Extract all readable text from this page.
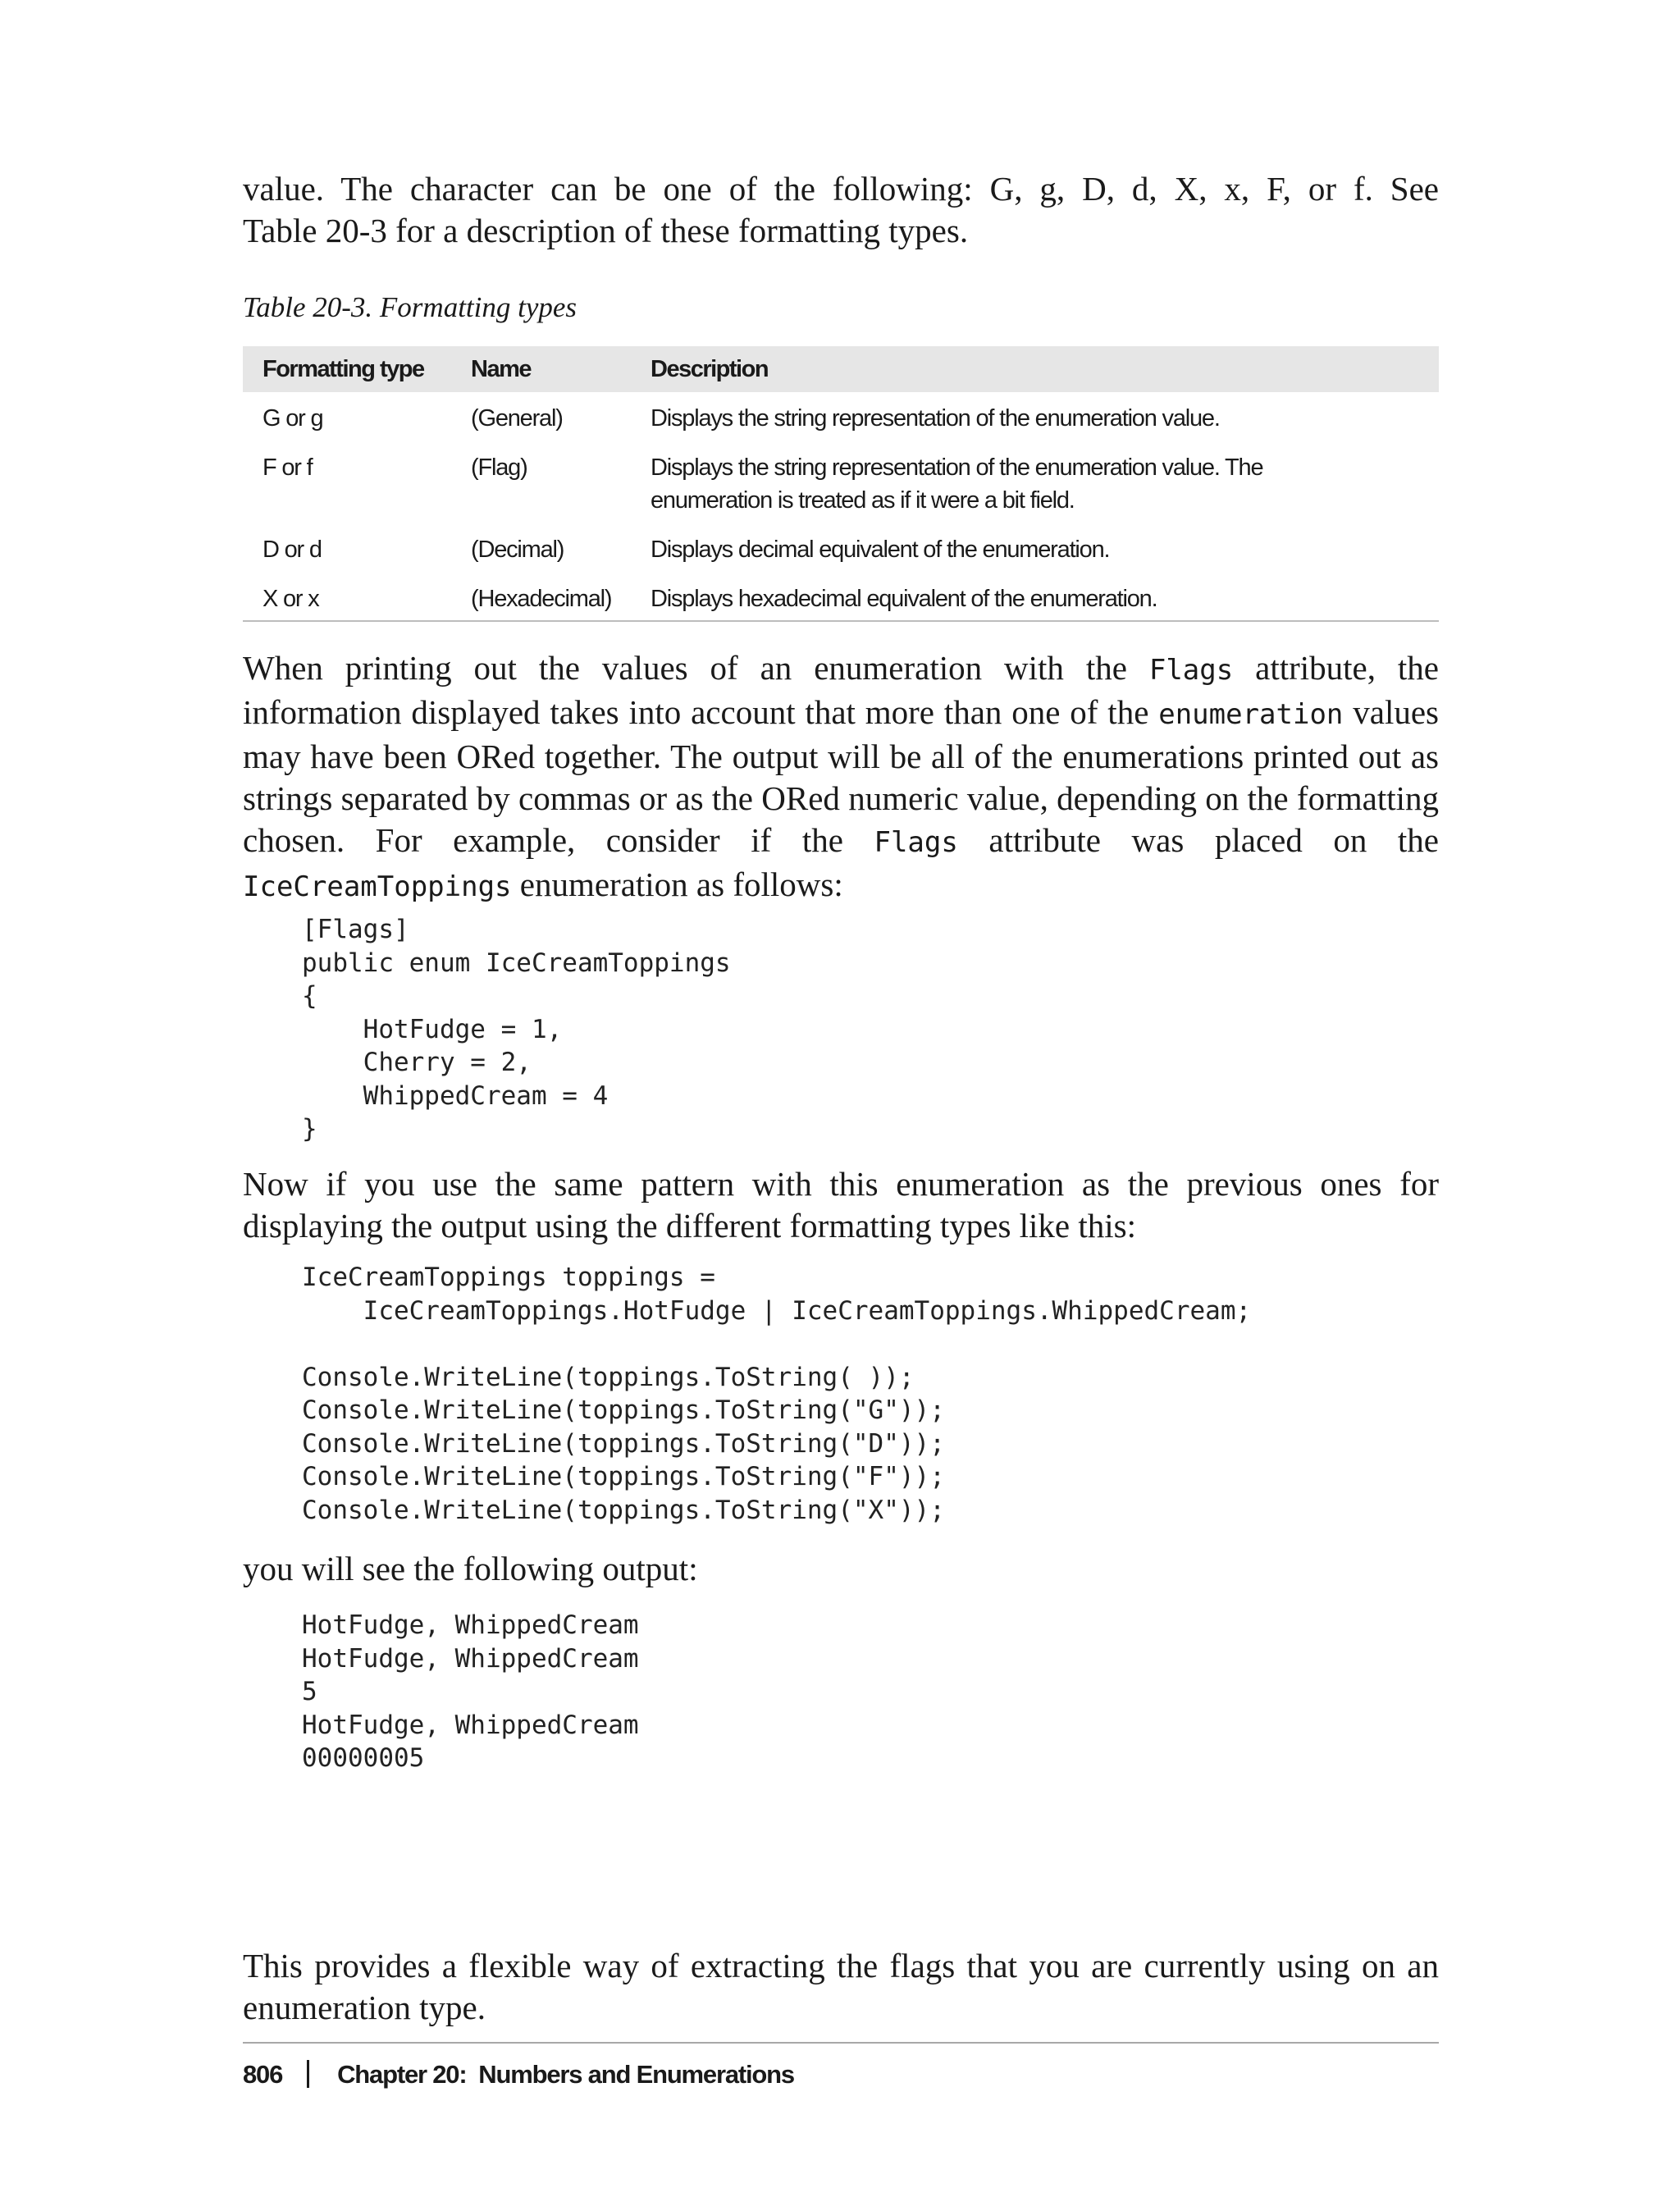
value. The character can be one of the following: G, g, D, d, X, x, F, or f. See
Table 20-3 for a description of these formatting types.

Table 20-3. Formatting types

Formatting type	Name	Description
G or g	(General)	Displays the string representation of the enumeration value.
F or f	(Flag)	Displays the string representation of the enumeration value. The enumeration is treated as if it were a bit field.
D or d	(Decimal)	Displays decimal equivalent of the enumeration.
X or x	(Hexadecimal)	Displays hexadecimal equivalent of the enumeration.

When printing out the values of an enumeration with the Flags attribute, the information displayed takes into account that more than one of the enumeration values may have been ORed together. The output will be all of the enumerations printed out as strings separated by commas or as the ORed numeric value, depending on the formatting chosen. For example, consider if the Flags attribute was placed on the IceCreamToppings enumeration as follows:

[Flags]
public enum IceCreamToppings
{
HotFudge = 1,
Cherry = 2,
WhippedCream = 4
}

Now if you use the same pattern with this enumeration as the previous ones for displaying the output using the different formatting types like this:

IceCreamToppings toppings =
IceCreamToppings.HotFudge | IceCreamToppings.WhippedCream;

Console.WriteLine(toppings.ToString( ));
Console.WriteLine(toppings.ToString("G"));
Console.WriteLine(toppings.ToString("D"));
Console.WriteLine(toppings.ToString("F"));
Console.WriteLine(toppings.ToString("X"));

you will see the following output:

HotFudge, WhippedCream
HotFudge, WhippedCream
5
HotFudge, WhippedCream
00000005

This provides a flexible way of extracting the flags that you are currently using on an enumeration type.

806 Chapter 20:  Numbers and Enumerations
